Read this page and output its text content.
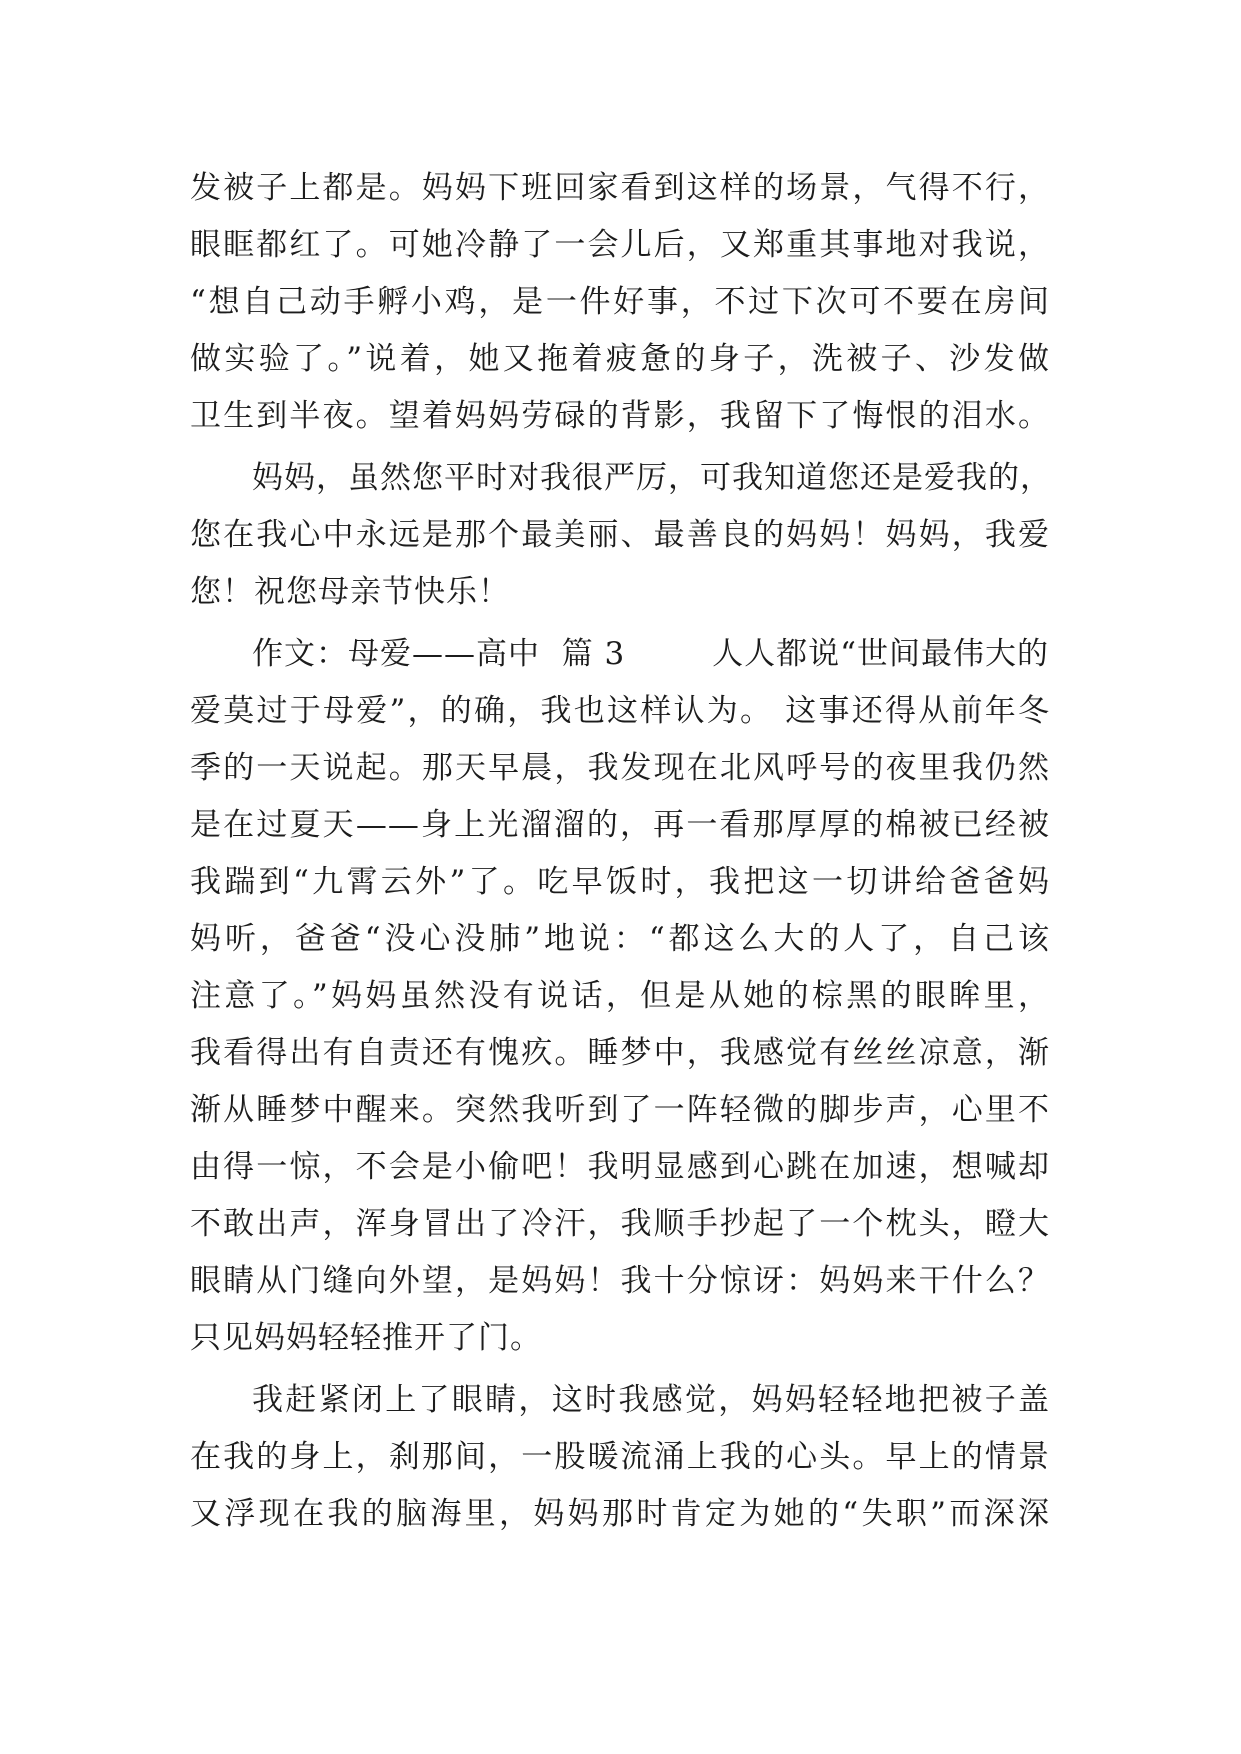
发被子上都是。妈妈下班回家看到这样的场景，气得不行，
眼眶都红了。可她冷静了一会儿后，又郑重其事地对我说，
“想自己动手孵小鸡，是一件好事，不过下次可不要在房间
做实验了。”说着，她又拖着疲惫的身子，洗被子、沙发做
卫生到半夜。望着妈妈劳碌的背影，我留下了悔恨的泪水。
妈妈，虽然您平时对我很严厉，可我知道您还是爱我的，
您在我心中永远是那个最美丽、最善良的妈妈！妈妈，我爱
您！祝您母亲节快乐！
作文：母爱——高中  篇 3        人人都说“世间最伟大的
爱莫过于母爱”，的确，我也这样认为。 这事还得从前年冬
季的一天说起。那天早晨，我发现在北风呼号的夜里我仍然
是在过夏天——身上光溜溜的，再一看那厚厚的棉被已经被
我踹到“九霄云外”了。吃早饭时，我把这一切讲给爸爸妈
妈听，爸爸“没心没肺”地说：“都这么大的人了，自己该
注意了。”妈妈虽然没有说话，但是从她的棕黑的眼眸里，
我看得出有自责还有愧疚。睡梦中，我感觉有丝丝凉意，渐
渐从睡梦中醒来。突然我听到了一阵轻微的脚步声，心里不
由得一惊，不会是小偷吧！我明显感到心跳在加速，想喊却
不敢出声，浑身冒出了冷汗，我顺手抄起了一个枕头，瞪大
眼睛从门缝向外望，是妈妈！我十分惊讶：妈妈来干什么？
只见妈妈轻轻推开了门。
我赶紧闭上了眼睛，这时我感觉，妈妈轻轻地把被子盖
在我的身上，刹那间，一股暖流涌上我的心头。早上的情景
又浮现在我的脑海里，妈妈那时肯定为她的“失职”而深深
